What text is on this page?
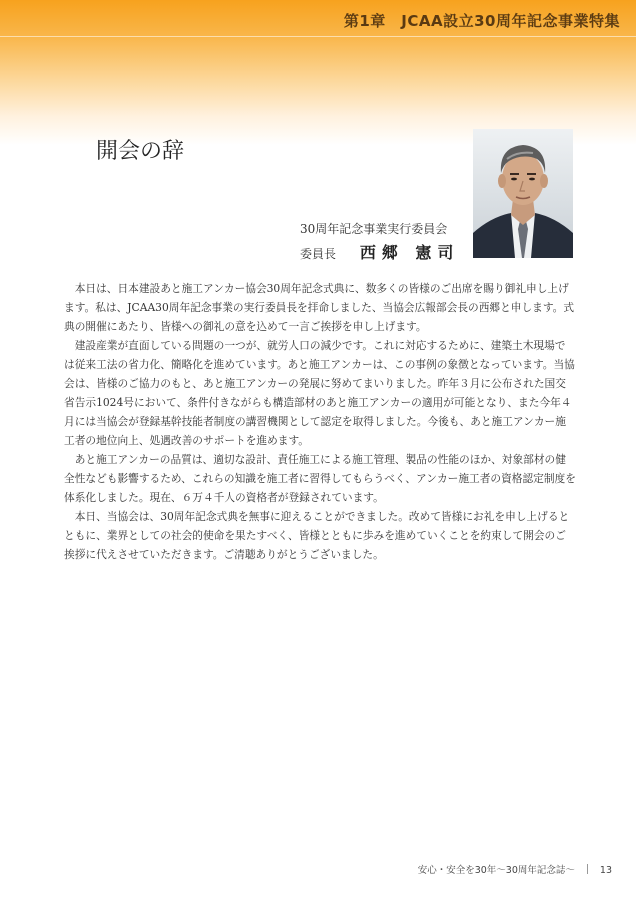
第1章　JCAA設立30周年記念事業特集
開会の辞
30周年記念事業実行委員会
委員長 西郷 憲司

本日は、日本建設あと施工アンカー協会30周年記念式典に、数多くの皆様のご出席を賜り御礼申し上げます。私は、JCAA30周年記念事業の実行委員長を拝命しました、当協会広報部会長の西郷と申します。式典の開催にあたり、皆様への御礼の意を込めて一言ご挨拶を申し上げます。

建設産業が直面している問題の一つが、就労人口の減少です。これに対応するために、建築土木現場では従来工法の省力化、簡略化を進めています。あと施工アンカーは、この事例の象徴となっています。当協会は、皆様のご協力のもと、あと施工アンカーの発展に努めてまいりました。昨年３月に公布された国交省告示1024号において、条件付きながらも構造部材のあと施工アンカーの適用が可能となり、また今年４月には当協会が登録基幹技能者制度の講習機関として認定を取得しました。今後も、あと施工アンカー施工者の地位向上、処遇改善のサポートを進めます。

あと施工アンカーの品質は、適切な設計、責任施工による施工管理、製品の性能のほか、対象部材の健全性なども影響するため、これらの知識を施工者に習得してもらうべく、アンカー施工者の資格認定制度を体系化しました。現在、６万４千人の資格者が登録されています。

本日、当協会は、30周年記念式典を無事に迎えることができました。改めて皆様にお礼を申し上げるとともに、業界としての社会的使命を果たすべく、皆様とともに歩みを進めていくことを約束して開会のご挨拶に代えさせていただきます。ご清聴ありがとうございました。

安心・安全を30年〜30周年記念誌〜	13
